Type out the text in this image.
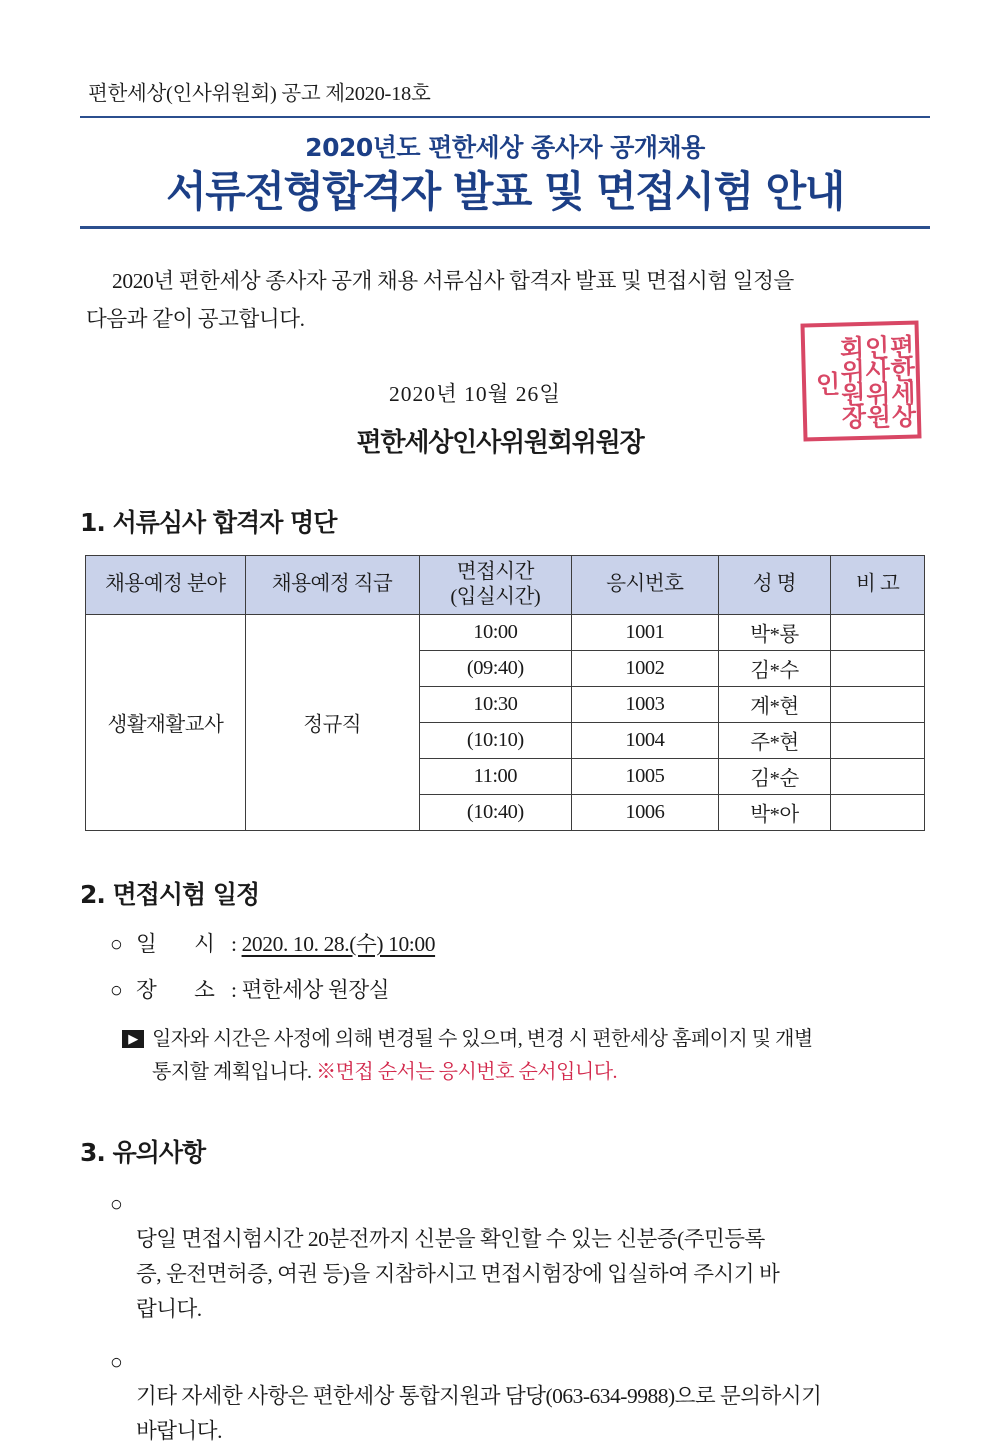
편한세상(인사위원회) 공고 제2020-18호
2020년도 편한세상 종사자 공개채용
서류전형합격자 발표 및 면접시험 안내
2020년 편한세상 종사자 공개 채용 서류심사 합격자 발표 및 면접시험 일정을
다음과 같이 공고합니다.
2020년 10월 26일
편한세상인사위원회위원장
편한세상인사위원회위원장인
1. 서류심사 합격자 명단
채용예정 분야	채용예정 직급	면접시간
(입실시간)	응시번호	성 명	비 고
생활재활교사	정규직	10:00	1001	박*룡	
		(09:40)	1002	김*수	
		10:30	1003	계*현	
		(10:10)	1004	주*현	
		11:00	1005	김*순	
		(10:40)	1006	박*아	
2. 면접시험 일정
○ 일 시: 2020. 10. 28.(수) 10:00
○ 장 소: 편한세상 원장실
▶ 일자와 시간은 사정에 의해 변경될 수 있으며, 변경 시 편한세상 홈페이지 및 개별
통지할 계획입니다. ※면접 순서는 응시번호 순서입니다.
3. 유의사항
○
당일 면접시험시간 20분전까지 신분을 확인할 수 있는 신분증(주민등록
증, 운전면허증, 여권 등)을 지참하시고 면접시험장에 입실하여 주시기 바
랍니다.
○
기타 자세한 사항은 편한세상 통합지원과 담당(063-634-9988)으로 문의하시기
바랍니다.
